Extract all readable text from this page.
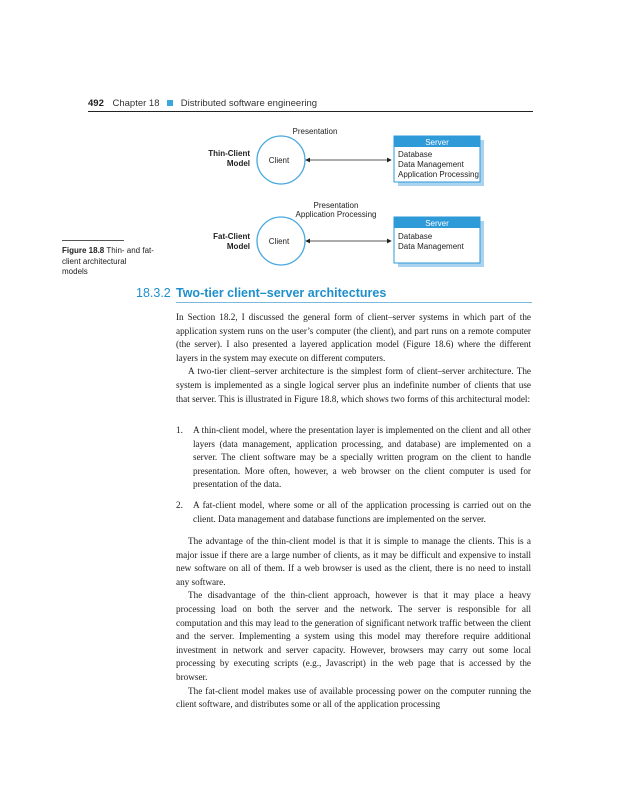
492 Chapter 18 Distributed software engineering
Thin-Client
Model
Presentation
Client
Server
Database
Data Management
Application Processing
Fat-Client
Model
Presentation
Application Processing
Client
Server
Database
Data Management
Figure 18.8 Thin- and fat-client architectural models
18.3.2 Two-tier client–server architectures

In Section 18.2, I discussed the general form of client–server systems in which part of the application system runs on the user’s computer (the client), and part runs on a remote computer (the server). I also presented a layered application model (Figure 18.6) where the different layers in the system may execute on different computers.

A two-tier client–server architecture is the simplest form of client–server architecture. The system is implemented as a single logical server plus an indefinite number of clients that use that server. This is illustrated in Figure 18.8, which shows two forms of this architectural model:

1.	A thin-client model, where the presentation layer is implemented on the client and all other layers (data management, application processing, and database) are implemented on a server. The client software may be a specially written program on the client to handle presentation. More often, however, a web browser on the client computer is used for presentation of the data.
2.	A fat-client model, where some or all of the application processing is carried out on the client. Data management and database functions are implemented on the server.

The advantage of the thin-client model is that it is simple to manage the clients. This is a major issue if there are a large number of clients, as it may be difficult and expensive to install new software on all of them. If a web browser is used as the client, there is no need to install any software.

The disadvantage of the thin-client approach, however is that it may place a heavy processing load on both the server and the network. The server is responsible for all computation and this may lead to the generation of significant network traffic between the client and the server. Implementing a system using this model may therefore require additional investment in network and server capacity. However, browsers may carry out some local processing by executing scripts (e.g., Javascript) in the web page that is accessed by the browser.

The fat-client model makes use of available processing power on the computer running the client software, and distributes some or all of the application processing
